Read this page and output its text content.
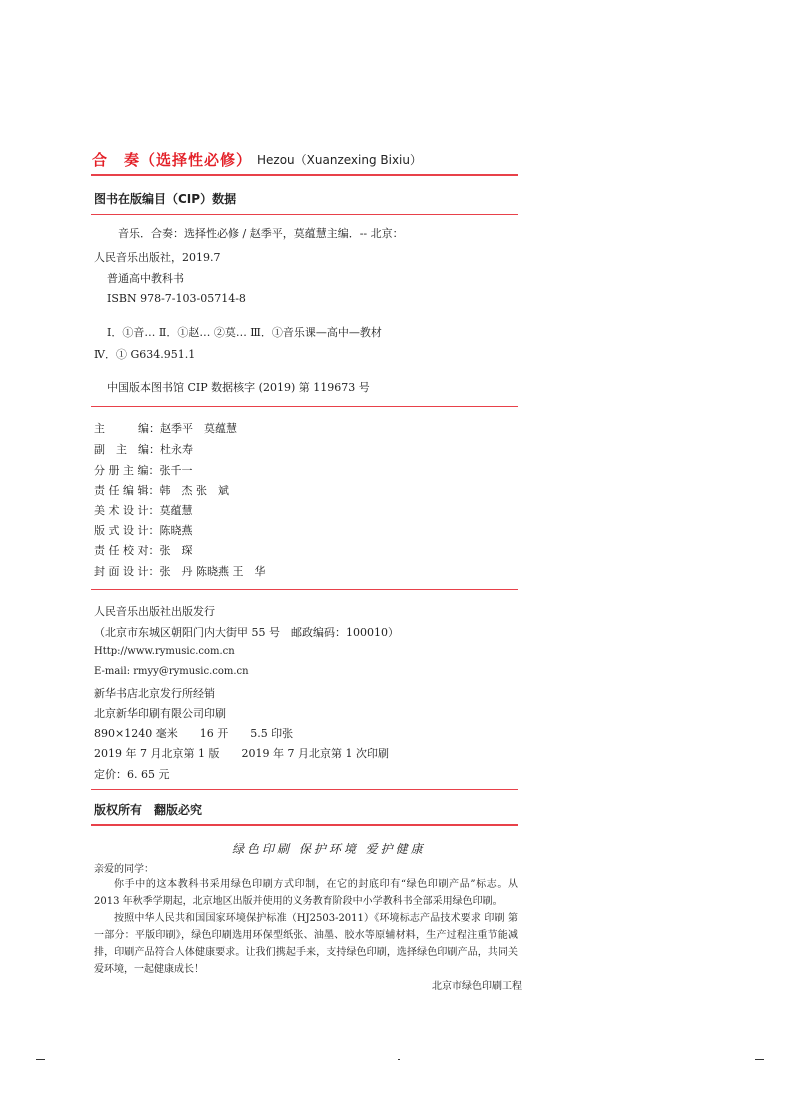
合　奏（选择性必修） Hezou（Xuanzexing Bixiu）
图书在版编目（CIP）数据
音乐．合奏：选择性必修 / 赵季平，莫蕴慧主编．-- 北京：
人民音乐出版社，2019.7
普通高中教科书
ISBN 978-7-103-05714-8
Ⅰ．①音… Ⅱ．①赵… ②莫… Ⅲ．①音乐课—高中—教材
Ⅳ．① G634.951.1
中国版本图书馆 CIP 数据核字 (2019) 第 119673 号
主　　　编：赵季平　莫蕴慧
副　主　编：杜永寿
分 册 主 编：张千一
责 任 编 辑：韩　杰 张　斌
美 术 设 计：莫蕴慧
版 式 设 计：陈晓燕
责 任 校 对：张　琛
封 面 设 计：张　丹 陈晓燕 王　华
人民音乐出版社出版发行
（北京市东城区朝阳门内大街甲 55 号　邮政编码：100010）
Http://www.rymusic.com.cn
E-mail: rmyy@rymusic.com.cn
新华书店北京发行所经销
北京新华印刷有限公司印刷
890×1240 毫米　　16 开　　5.5 印张
2019 年 7 月北京第 1 版　　2019 年 7 月北京第 1 次印刷
定价：6. 65 元
版权所有　翻版必究
绿色印刷 保护环境 爱护健康
亲爱的同学：
你手中的这本教科书采用绿色印刷方式印制，在它的封底印有“绿色印刷产品”标志。从 2013 年秋季学期起，北京地区出版并使用的义务教育阶段中小学教科书全部采用绿色印刷。
按照中华人民共和国国家环境保护标准（HJ2503-2011）《环境标志产品技术要求 印刷 第一部分：平版印刷》，绿色印刷选用环保型纸张、油墨、胶水等原辅材料，生产过程注重节能减排，印刷产品符合人体健康要求。让我们携起手来，支持绿色印刷，选择绿色印刷产品，共同关爱环境，一起健康成长！
北京市绿色印刷工程
